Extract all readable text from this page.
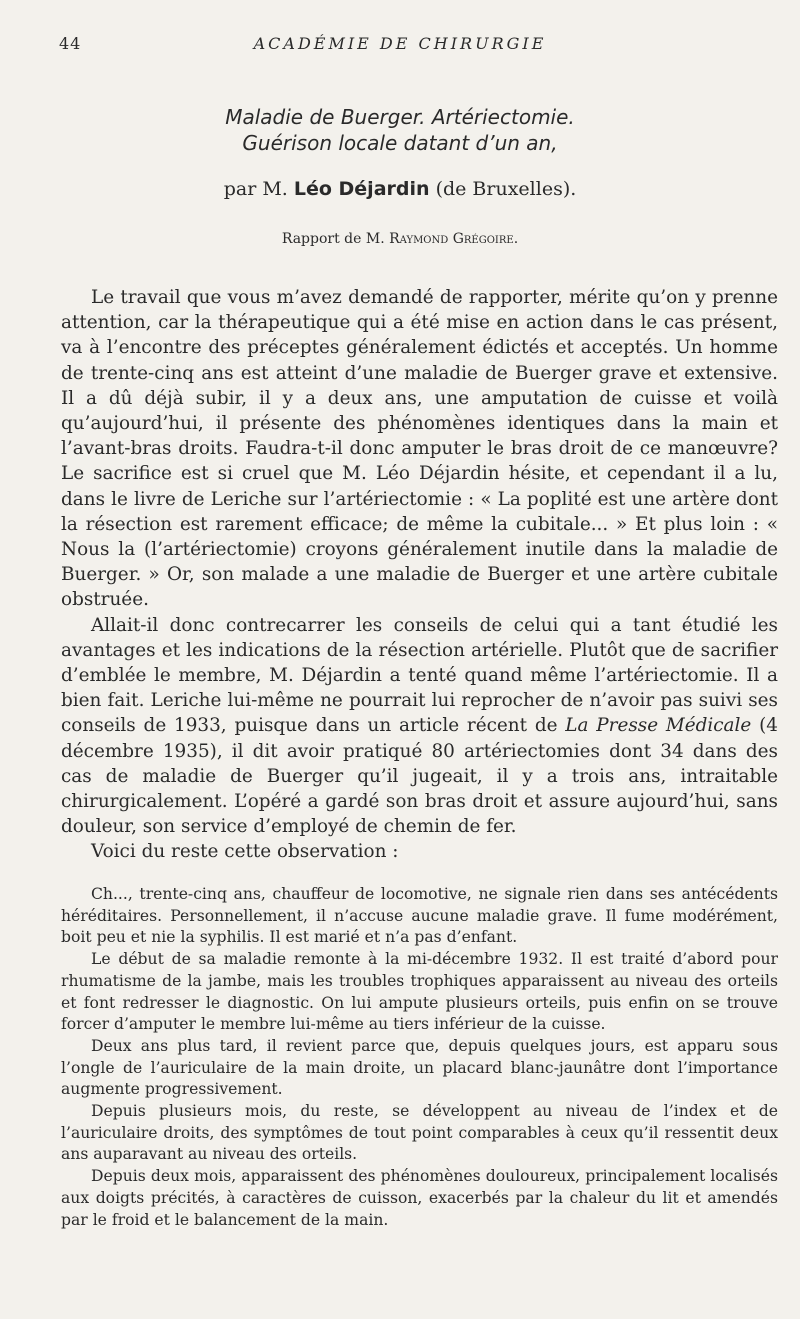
44	ACADÉMIE DE CHIRURGIE
Maladie de Buerger. Artériectomie.
Guérison locale datant d’un an,
par M. Léo Déjardin (de Bruxelles).
Rapport de M. Raymond Grégoire.

Le travail que vous m’avez demandé de rapporter, mérite qu’on y prenne attention, car la thérapeutique qui a été mise en action dans le cas présent, va à l’encontre des préceptes généralement édictés et acceptés. Un homme de trente-cinq ans est atteint d’une maladie de Buerger grave et extensive. Il a dû déjà subir, il y a deux ans, une amputation de cuisse et voilà qu’aujourd’hui, il présente des phénomènes identiques dans la main et l’avant-bras droits. Faudra-t-il donc amputer le bras droit de ce manœuvre? Le sacrifice est si cruel que M. Léo Déjardin hésite, et cependant il a lu, dans le livre de Leriche sur l’artériectomie : « La poplité est une artère dont la résection est rarement efficace; de même la cubitale... » Et plus loin : « Nous la (l’artériectomie) croyons généralement inutile dans la maladie de Buerger. » Or, son malade a une maladie de Buerger et une artère cubitale obstruée.

Allait-il donc contrecarrer les conseils de celui qui a tant étudié les avantages et les indications de la résection artérielle. Plutôt que de sacrifier d’emblée le membre, M. Déjardin a tenté quand même l’artériectomie. Il a bien fait. Leriche lui-même ne pourrait lui reprocher de n’avoir pas suivi ses conseils de 1933, puisque dans un article récent de La Presse Médicale (4 décembre 1935), il dit avoir pratiqué 80 artériectomies dont 34 dans des cas de maladie de Buerger qu’il jugeait, il y a trois ans, intraitable chirurgicalement. L’opéré a gardé son bras droit et assure aujourd’hui, sans douleur, son service d’employé de chemin de fer.

Voici du reste cette observation :

Ch..., trente-cinq ans, chauffeur de locomotive, ne signale rien dans ses antécédents héréditaires. Personnellement, il n’accuse aucune maladie grave. Il fume modérément, boit peu et nie la syphilis. Il est marié et n’a pas d’enfant.

Le début de sa maladie remonte à la mi-décembre 1932. Il est traité d’abord pour rhumatisme de la jambe, mais les troubles trophiques apparaissent au niveau des orteils et font redresser le diagnostic. On lui ampute plusieurs orteils, puis enfin on se trouve forcer d’amputer le membre lui-même au tiers inférieur de la cuisse.

Deux ans plus tard, il revient parce que, depuis quelques jours, est apparu sous l’ongle de l’auriculaire de la main droite, un placard blanc-jaunâtre dont l’importance augmente progressivement.

Depuis plusieurs mois, du reste, se développent au niveau de l’index et de l’auriculaire droits, des symptômes de tout point comparables à ceux qu’il ressentit deux ans auparavant au niveau des orteils.

Depuis deux mois, apparaissent des phénomènes douloureux, principalement localisés aux doigts précités, à caractères de cuisson, exacerbés par la chaleur du lit et amendés par le froid et le balancement de la main.
